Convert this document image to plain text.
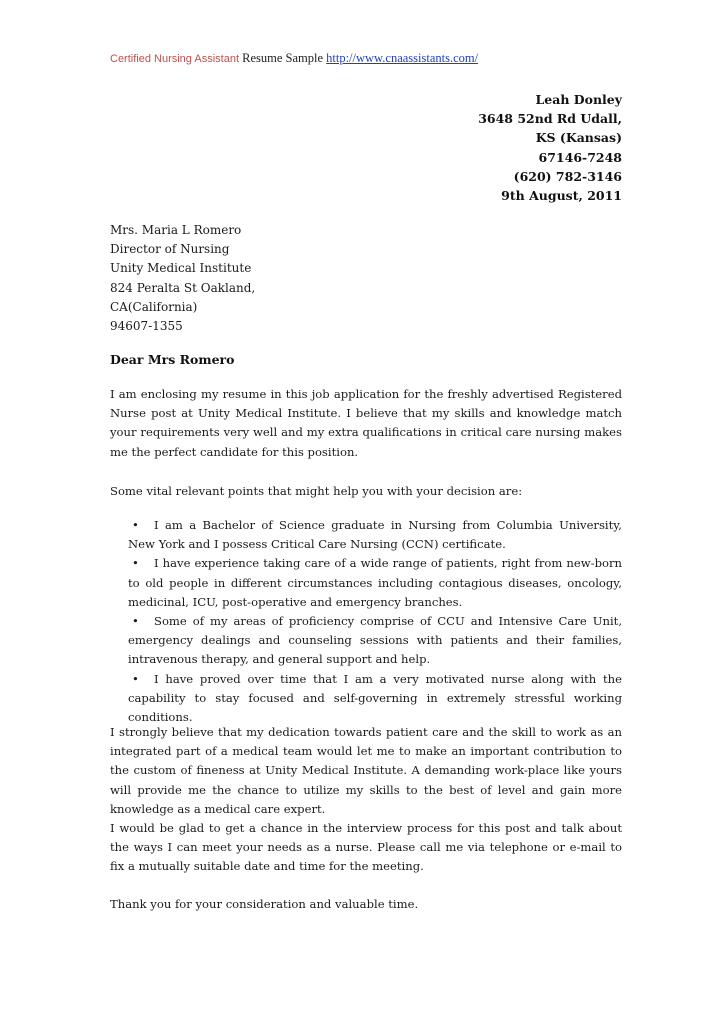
Certified Nursing Assistant Resume Sample http://www.cnaassistants.com/
Leah Donley
3648 52nd Rd Udall,
KS (Kansas)
67146-7248
(620) 782-3146
9th August, 2011
Mrs. Maria L Romero
Director of Nursing
Unity Medical Institute
824 Peralta St Oakland,
CA(California)
94607-1355
Dear Mrs Romero

I am enclosing my resume in this job application for the freshly advertised Registered Nurse post at Unity Medical Institute. I believe that my skills and knowledge match your requirements very well and my extra qualifications in critical care nursing makes me the perfect candidate for this position.

Some vital relevant points that might help you with your decision are:

• I am a Bachelor of Science graduate in Nursing from Columbia University, New York and I possess Critical Care Nursing (CCN) certificate.
• I have experience taking care of a wide range of patients, right from new-born to old people in different circumstances including contagious diseases, oncology, medicinal, ICU, post-operative and emergency branches.
• Some of my areas of proficiency comprise of CCU and Intensive Care Unit, emergency dealings and counseling sessions with patients and their families, intravenous therapy, and general support and help.
• I have proved over time that I am a very motivated nurse along with the capability to stay focused and self-governing in extremely stressful working conditions.

I strongly believe that my dedication towards patient care and the skill to work as an integrated part of a medical team would let me to make an important contribution to the custom of fineness at Unity Medical Institute. A demanding work-place like yours will provide me the chance to utilize my skills to the best of level and gain more knowledge as a medical care expert.

I would be glad to get a chance in the interview process for this post and talk about the ways I can meet your needs as a nurse. Please call me via telephone or e-mail to fix a mutually suitable date and time for the meeting.

Thank you for your consideration and valuable time.
